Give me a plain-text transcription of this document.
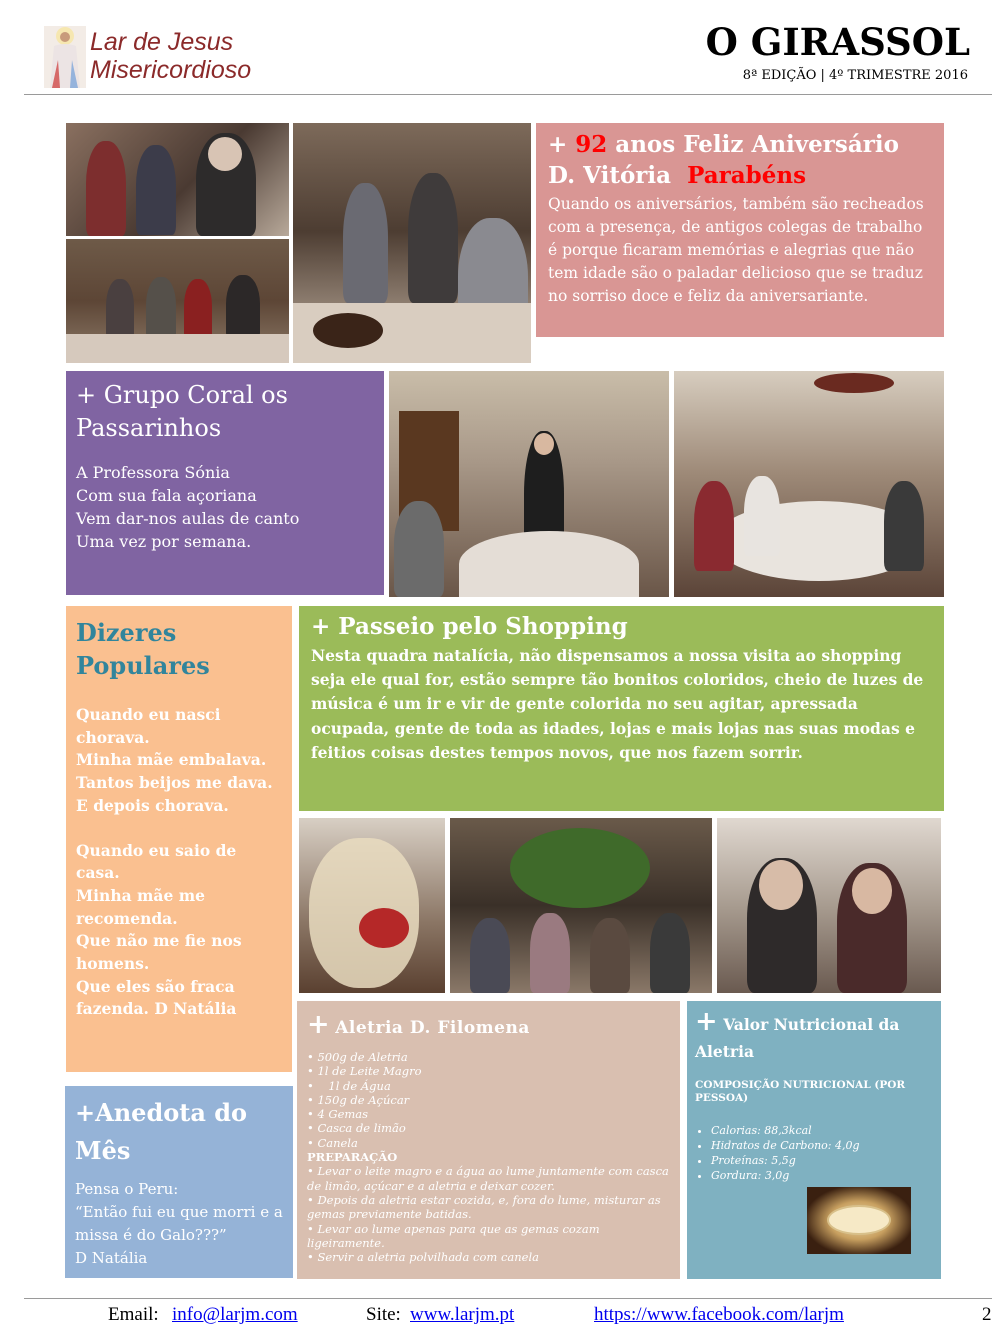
Lar de Jesus
Misericordioso
O GIRASSOL
8ª EDIÇÃO | 4º TRIMESTRE 2016
+ 92 anos Feliz Aniversário
D. Vitória Parabéns
Quando os aniversários, também são recheados com a presença, de antigos colegas de trabalho é porque ficaram memórias e alegrias que não tem idade são o paladar delicioso que se traduz no sorriso doce e feliz da aniversariante.
+ Grupo Coral os Passarinhos
A Professora Sónia
Com sua fala açoriana
Vem dar-nos aulas de canto
Uma vez por semana.
Dizeres Populares
Quando eu nasci chorava.
Minha mãe embalava.
Tantos beijos me dava.
E depois chorava.
Quando eu saio de casa.
Minha mãe me recomenda.
Que não me fie nos homens.
Que eles são fraca fazenda. D Natália
+ Passeio pelo Shopping
Nesta quadra natalícia, não dispensamos a nossa visita ao shopping seja ele qual for, estão sempre tão bonitos coloridos, cheio de luzes de música é um ir e vir de gente colorida no seu agitar, apressada ocupada, gente de toda as idades, lojas e mais lojas nas suas modas e feitios coisas destes tempos novos, que nos fazem sorrir.
+Anedota do Mês
Pensa o Peru:
“Então fui eu que morri e a missa é do Galo???”
D Natália
+ Aletria D. Filomena
• 500g de Aletria
• 1l de Leite Magro
•    1l de Água
• 150g de Açúcar
• 4 Gemas
• Casca de limão
• Canela
PREPARAÇÃO
• Levar o leite magro e a água ao lume juntamente com casca de limão, açúcar e a aletria e deixar cozer.
• Depois da aletria estar cozida, e, fora do lume, misturar as gemas previamente batidas.
• Levar ao lume apenas para que as gemas cozam ligeiramente.
• Servir a aletria polvilhada com canela
+ Valor Nutricional da Aletria
COMPOSIÇÃO NUTRICIONAL (POR PESSOA)
• Calorias: 88,3kcal
• Hidratos de Carbono: 4,0g
• Proteínas: 5,5g
• Gordura: 3,0g
Email: info@larjm.com	Site: www.larjm.pt	https://www.facebook.com/larjm	2
